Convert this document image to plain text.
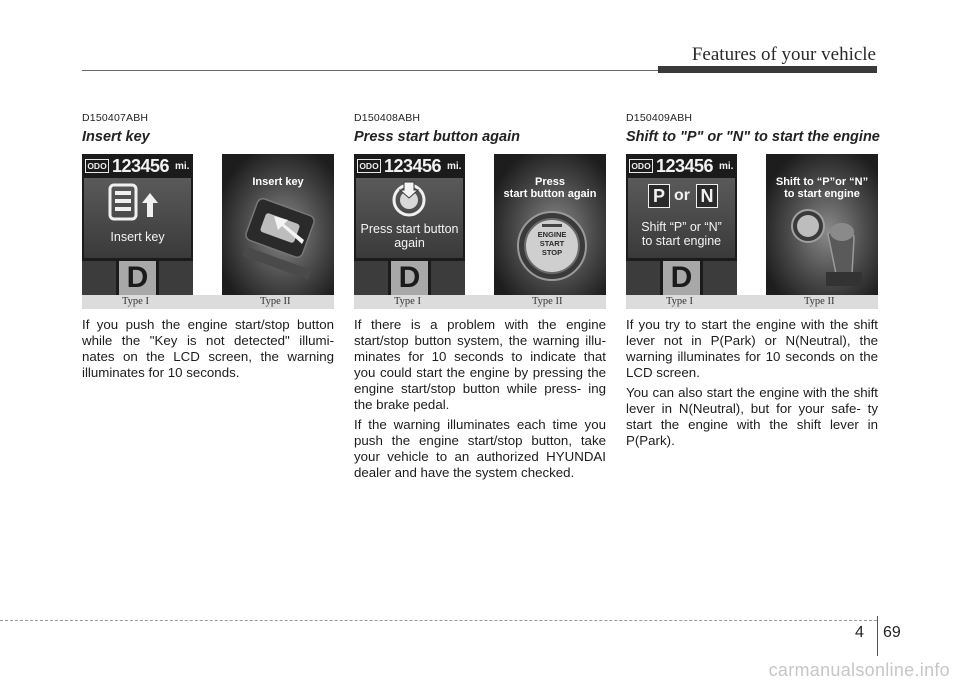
Features of your vehicle
D150407ABH
Insert key
ODO 123456 mi.
Insert key
D
Insert key
Type I	Type II

If you push the engine start/stop button while the "Key is not detected" illumi- nates on the LCD screen, the warning illuminates for 10 seconds.

D150408ABH
Press start button again
ODO 123456 mi.
Press start button
again
D
Press
start button again
ENGINE
START
STOP
Type I	Type II

If there is a problem with the engine start/stop button system, the warning illu- minates for 10 seconds to indicate that you could start the engine by pressing the engine start/stop button while press- ing the brake pedal.

If the warning illuminates each time you push the engine start/stop button, take your vehicle to an authorized HYUNDAI dealer and have the system checked.

D150409ABH
Shift to "P" or "N" to start the engine
ODO 123456 mi.
P or N
Shift “P” or “N”
to start engine
D
Shift to “P”or “N”
to start engine
Type I	Type II

If you try to start the engine with the shift lever not in P(Park) or N(Neutral), the warning illuminates for 10 seconds on the LCD screen.

You can also start the engine with the shift lever in N(Neutral), but for your safe- ty start the engine with the shift lever in P(Park).

4 69
carmanualsonline.info
